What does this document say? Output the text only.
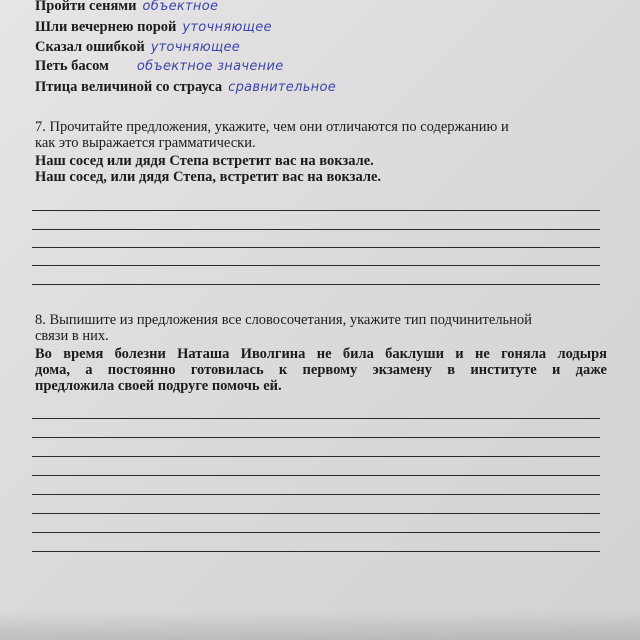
Пройти сенями объектное
Шли вечернею порой уточняющее
Сказал ошибкой уточняющее
Петь басом объектное значение
Птица величиной со страуса сравнительное
7. Прочитайте предложения, укажите, чем они отличаются по содержанию и
как это выражается грамматически.
Наш сосед или дядя Степа встретит вас на вокзале.
Наш сосед, или дядя Степа, встретит вас на вокзале.
8. Выпишите из предложения все словосочетания, укажите тип подчинительной
связи в них.
Во время болезни Наташа Иволгина не била баклуши и не гоняла лодыря
дома, а постоянно готовилась к первому экзамену в институте и даже
предложила своей подруге помочь ей.
